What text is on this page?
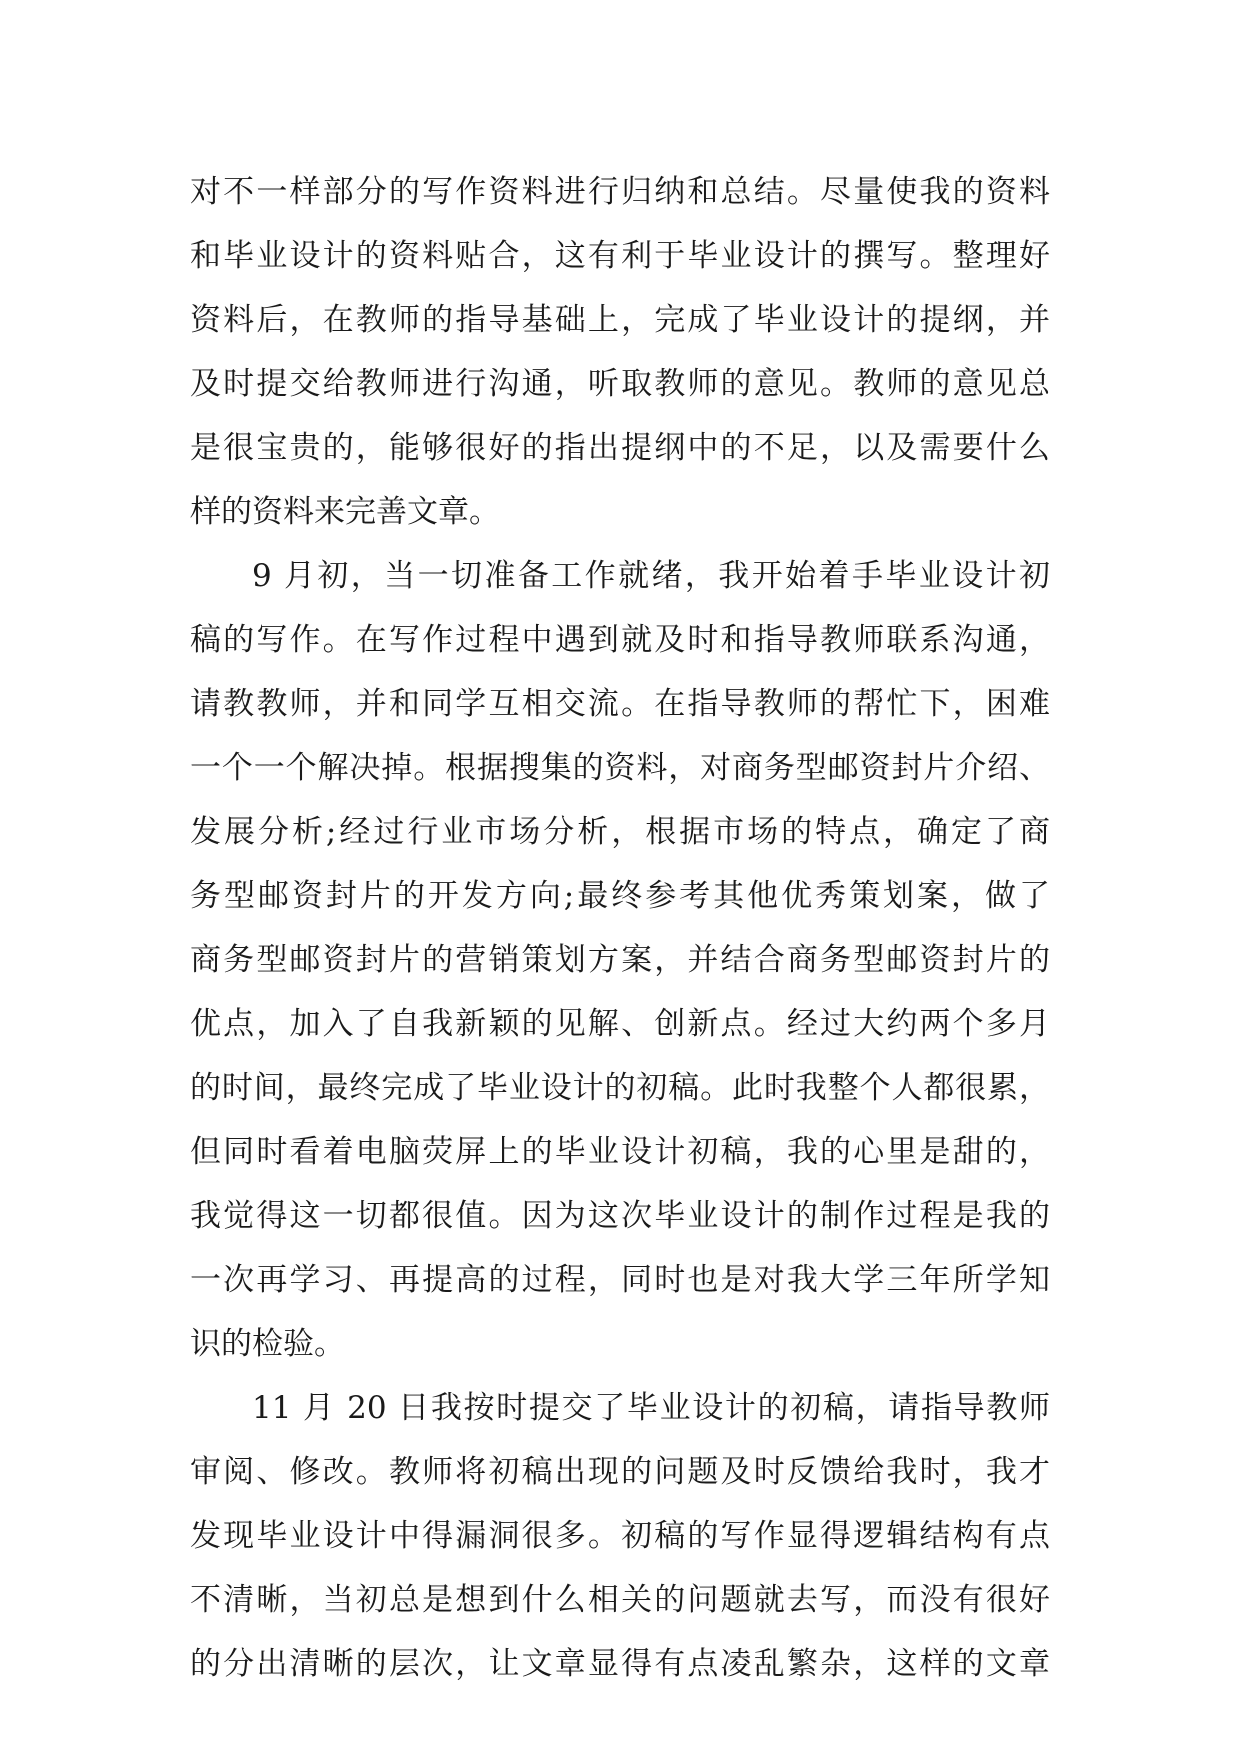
对不一样部分的写作资料进行归纳和总结。尽量使我的资料
和毕业设计的资料贴合，这有利于毕业设计的撰写。整理好
资料后，在教师的指导基础上，完成了毕业设计的提纲，并
及时提交给教师进行沟通，听取教师的意见。教师的意见总
是很宝贵的，能够很好的指出提纲中的不足，以及需要什么
样的资料来完善文章。
9 月初，当一切准备工作就绪，我开始着手毕业设计初
稿的写作。在写作过程中遇到就及时和指导教师联系沟通，
请教教师，并和同学互相交流。在指导教师的帮忙下，困难
一个一个解决掉。根据搜集的资料，对商务型邮资封片介绍、
发展分析;经过行业市场分析，根据市场的特点，确定了商
务型邮资封片的开发方向;最终参考其他优秀策划案，做了
商务型邮资封片的营销策划方案，并结合商务型邮资封片的
优点，加入了自我新颖的见解、创新点。经过大约两个多月
的时间，最终完成了毕业设计的初稿。此时我整个人都很累，
但同时看着电脑荧屏上的毕业设计初稿，我的心里是甜的，
我觉得这一切都很值。因为这次毕业设计的制作过程是我的
一次再学习、再提高的过程，同时也是对我大学三年所学知
识的检验。
11 月 20 日我按时提交了毕业设计的初稿，请指导教师
审阅、修改。教师将初稿出现的问题及时反馈给我时，我才
发现毕业设计中得漏洞很多。初稿的写作显得逻辑结构有点
不清晰，当初总是想到什么相关的问题就去写，而没有很好
的分出清晰的层次，让文章显得有点凌乱繁杂，这样的文章
